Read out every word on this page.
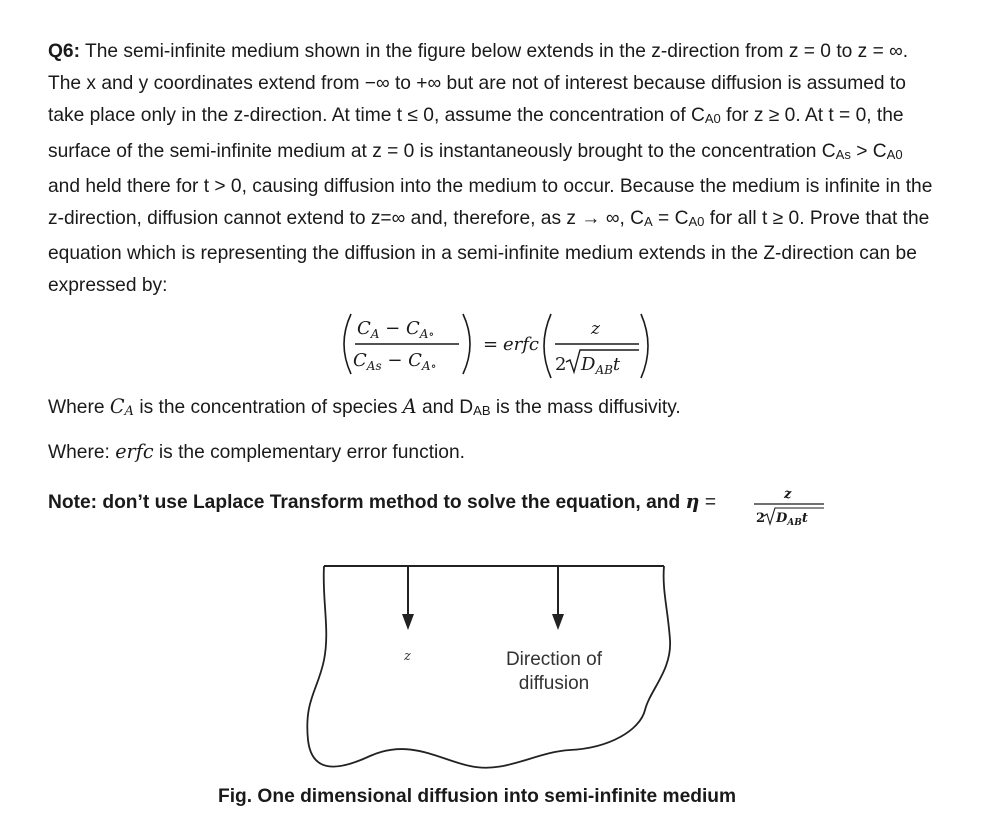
Q6: The semi-infinite medium shown in the figure below extends in the z-direction from z = 0 to z = ∞. The x and y coordinates extend from −∞ to +∞ but are not of interest because diffusion is assumed to take place only in the z-direction. At time t ≤ 0, assume the concentration of CA0 for z ≥ 0. At t = 0, the surface of the semi-infinite medium at z = 0 is instantaneously brought to the concentration CAs > CA0 and held there for t > 0, causing diffusion into the medium to occur. Because the medium is infinite in the z-direction, diffusion cannot extend to z=∞ and, therefore, as z → ∞, CA = CA0 for all t ≥ 0. Prove that the equation which is representing the diffusion in a semi-infinite medium extends in the Z-direction can be expressed by:

$C_A - C_{A\circ}$
$C_{As} - C_{A\circ}$
= erfc
z
2 $D_{AB}t$
Where CA is the concentration of species A and DAB is the mass diffusivity.
Where: erfc is the complementary error function.
Note: don’t use Laplace Transform method to solve the equation, and η =	z
2 $D_{AB}t$
z	Direction of
diffusion
Fig. One dimensional diffusion into semi-infinite medium
